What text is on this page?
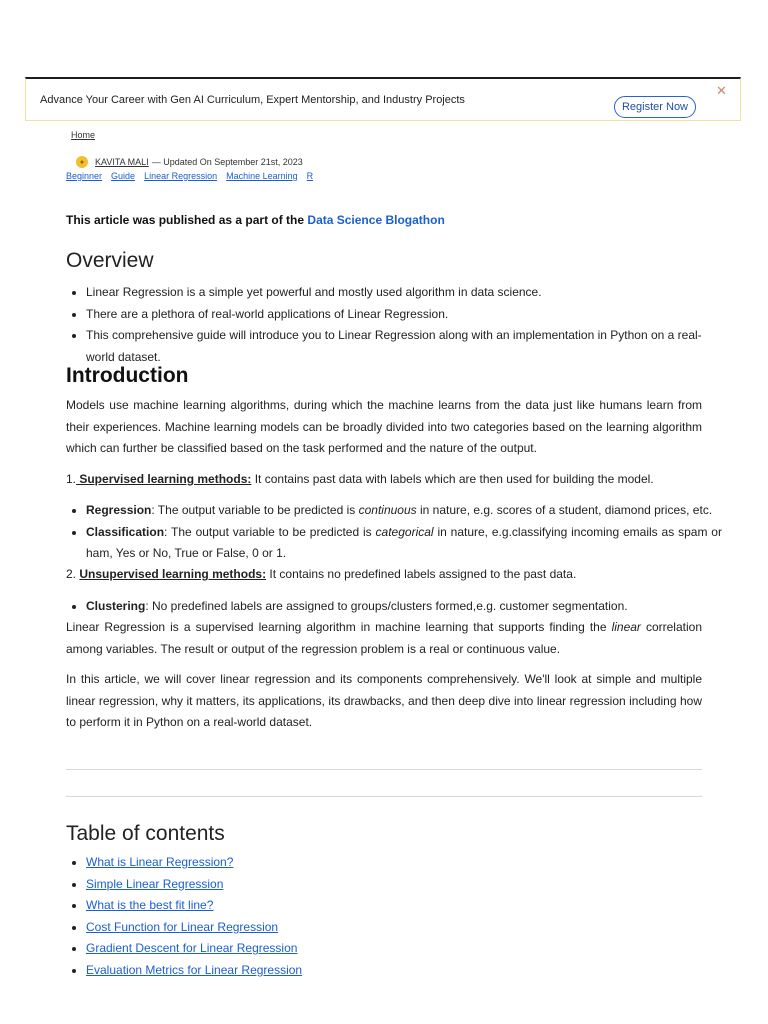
Advance Your Career with Gen AI Curriculum, Expert Mentorship, and Industry Projects
Register Now
✕
Home
●	KAVITA MALI — Updated On September 21st, 2023
Beginner Guide Linear Regression Machine Learning R
This article was published as a part of the Data Science Blogathon
Overview
• Linear Regression is a simple yet powerful and mostly used algorithm in data science.
• There are a plethora of real-world applications of Linear Regression.
• This comprehensive guide will introduce you to Linear Regression along with an implementation in Python on a real-world dataset.
Introduction

Models use machine learning algorithms, during which the machine learns from the data just like humans learn from their experiences. Machine learning models can be broadly divided into two categories based on the learning algorithm which can further be classified based on the task performed and the nature of the output.

1. Supervised learning methods: It contains past data with labels which are then used for building the model.
• Regression: The output variable to be predicted is continuous in nature, e.g. scores of a student, diamond prices, etc.
• Classification: The output variable to be predicted is categorical in nature, e.g.classifying incoming emails as spam or ham, Yes or No, True or False, 0 or 1.
2. Unsupervised learning methods: It contains no predefined labels assigned to the past data.
• Clustering: No predefined labels are assigned to groups/clusters formed,e.g. customer segmentation.

Linear Regression is a supervised learning algorithm in machine learning that supports finding the linear correlation among variables. The result or output of the regression problem is a real or continuous value.

In this article, we will cover linear regression and its components comprehensively. We'll look at simple and multiple linear regression, why it matters, its applications, its drawbacks, and then deep dive into linear regression including how to perform it in Python on a real-world dataset.

Table of contents
• What is Linear Regression?
• Simple Linear Regression
• What is the best fit line?
• Cost Function for Linear Regression
• Gradient Descent for Linear Regression
• Evaluation Metrics for Linear Regression
